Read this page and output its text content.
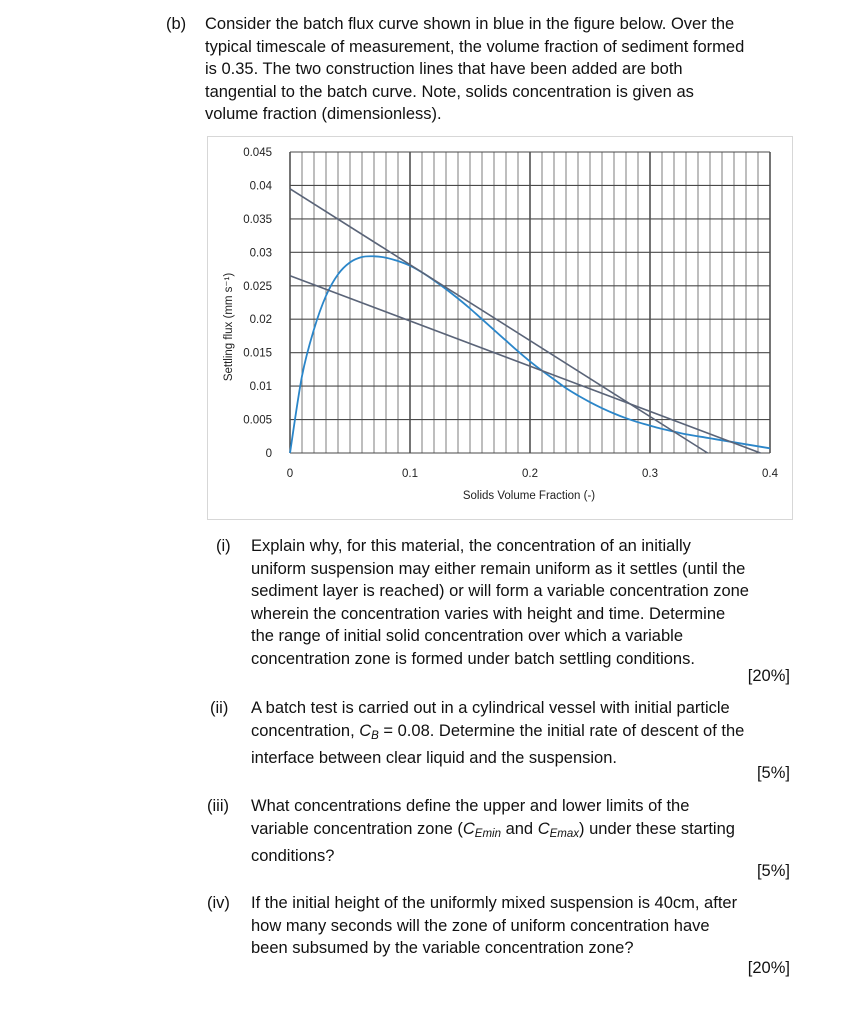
(b) Consider the batch flux curve shown in blue in the figure below. Over the
typical timescale of measurement, the volume fraction of sediment formed
is 0.35. The two construction lines that have been added are both
tangential to the batch curve. Note, solids concentration is given as
volume fraction (dimensionless).
0
0.005
0.01
0.015
0.02
0.025
0.03
0.035
0.04
0.045
0	0.1	0.2	0.3	0.4
Solids Volume Fraction (-)
Settling flux (mm s⁻¹)
(i) Explain why, for this material, the concentration of an initially
uniform suspension may either remain uniform as it settles (until the
sediment layer is reached) or will form a variable concentration zone
wherein the concentration varies with height and time. Determine
the range of initial solid concentration over which a variable
concentration zone is formed under batch settling conditions.
[20%]
(ii) A batch test is carried out in a cylindrical vessel with initial particle
concentration, CB = 0.08. Determine the initial rate of descent of the
interface between clear liquid and the suspension.
[5%]
(iii) What concentrations define the upper and lower limits of the
variable concentration zone (CEmin and CEmax) under these starting
conditions?
[5%]
(iv) If the initial height of the uniformly mixed suspension is 40cm, after
how many seconds will the zone of uniform concentration have
been subsumed by the variable concentration zone?
[20%]
